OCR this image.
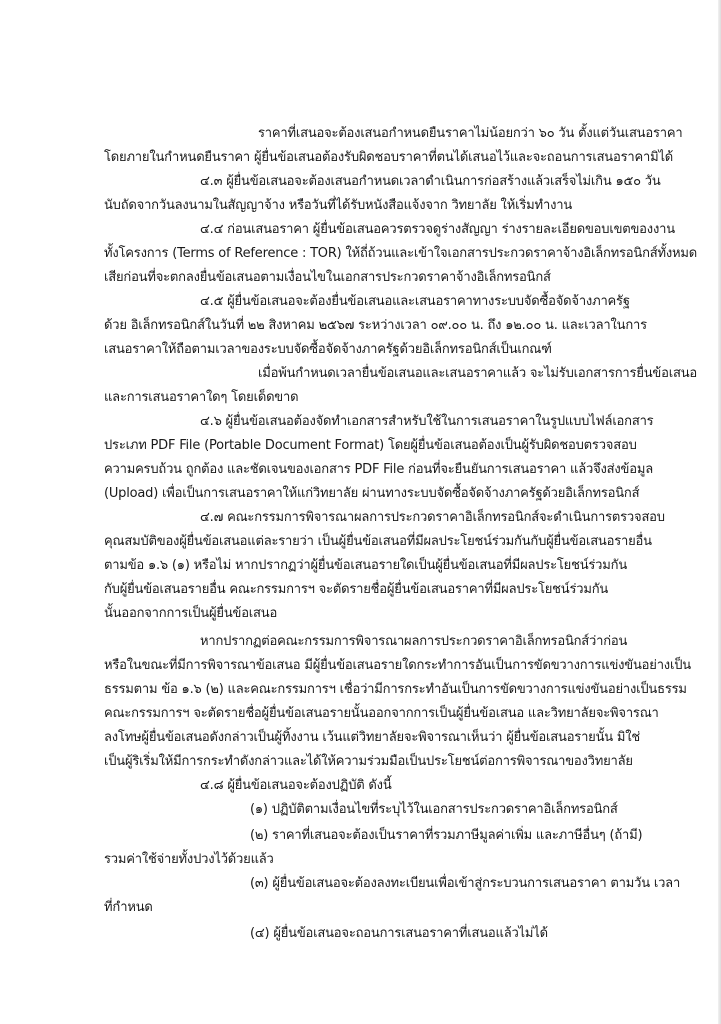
ราคาที่เสนอจะต้องเสนอกำหนดยืนราคาไม่น้อยกว่า ๖๐ วัน ตั้งแต่วันเสนอราคา
โดยภายในกำหนดยืนราคา ผู้ยื่นข้อเสนอต้องรับผิดชอบราคาที่ตนได้เสนอไว้และจะถอนการเสนอราคามิได้
๔.๓ ผู้ยื่นข้อเสนอจะต้องเสนอกำหนดเวลาดำเนินการก่อสร้างแล้วเสร็จไม่เกิน ๑๕๐ วัน
นับถัดจากวันลงนามในสัญญาจ้าง หรือวันที่ได้รับหนังสือแจ้งจาก วิทยาลัย ให้เริ่มทำงาน
๔.๔ ก่อนเสนอราคา ผู้ยื่นข้อเสนอควรตรวจดูร่างสัญญา ร่างรายละเอียดขอบเขตของงาน
ทั้งโครงการ (Terms of Reference : TOR) ให้ถี่ถ้วนและเข้าใจเอกสารประกวดราคาจ้างอิเล็กทรอนิกส์ทั้งหมด
เสียก่อนที่จะตกลงยื่นข้อเสนอตามเงื่อนไขในเอกสารประกวดราคาจ้างอิเล็กทรอนิกส์
๔.๕ ผู้ยื่นข้อเสนอจะต้องยื่นข้อเสนอและเสนอราคาทางระบบจัดซื้อจัดจ้างภาครัฐ
ด้วย อิเล็กทรอนิกส์ในวันที่ ๒๒ สิงหาคม ๒๕๖๗ ระหว่างเวลา ๐๙.๐๐ น. ถึง ๑๒.๐๐ น. และเวลาในการ
เสนอราคาให้ถือตามเวลาของระบบจัดซื้อจัดจ้างภาครัฐด้วยอิเล็กทรอนิกส์เป็นเกณฑ์
เมื่อพ้นกำหนดเวลายื่นข้อเสนอและเสนอราคาแล้ว จะไม่รับเอกสารการยื่นข้อเสนอ
และการเสนอราคาใดๆ โดยเด็ดขาด
๔.๖ ผู้ยื่นข้อเสนอต้องจัดทำเอกสารสำหรับใช้ในการเสนอราคาในรูปแบบไฟล์เอกสาร
ประเภท PDF File (Portable Document Format) โดยผู้ยื่นข้อเสนอต้องเป็นผู้รับผิดชอบตรวจสอบ
ความครบถ้วน ถูกต้อง และชัดเจนของเอกสาร PDF File ก่อนที่จะยืนยันการเสนอราคา แล้วจึงส่งข้อมูล
(Upload) เพื่อเป็นการเสนอราคาให้แก่วิทยาลัย ผ่านทางระบบจัดซื้อจัดจ้างภาครัฐด้วยอิเล็กทรอนิกส์
๔.๗ คณะกรรมการพิจารณาผลการประกวดราคาอิเล็กทรอนิกส์จะดำเนินการตรวจสอบ
คุณสมบัติของผู้ยื่นข้อเสนอแต่ละรายว่า เป็นผู้ยื่นข้อเสนอที่มีผลประโยชน์ร่วมกันกับผู้ยื่นข้อเสนอรายอื่น
ตามข้อ ๑.๖ (๑) หรือไม่ หากปรากฏว่าผู้ยื่นข้อเสนอรายใดเป็นผู้ยื่นข้อเสนอที่มีผลประโยชน์ร่วมกัน
กับผู้ยื่นข้อเสนอรายอื่น คณะกรรมการฯ จะตัดรายชื่อผู้ยื่นข้อเสนอราคาที่มีผลประโยชน์ร่วมกัน
นั้นออกจากการเป็นผู้ยื่นข้อเสนอ
หากปรากฏต่อคณะกรรมการพิจารณาผลการประกวดราคาอิเล็กทรอนิกส์ว่าก่อน
หรือในขณะที่มีการพิจารณาข้อเสนอ มีผู้ยื่นข้อเสนอรายใดกระทำการอันเป็นการขัดขวางการแข่งขันอย่างเป็น
ธรรมตาม ข้อ ๑.๖ (๒) และคณะกรรมการฯ เชื่อว่ามีการกระทำอันเป็นการขัดขวางการแข่งขันอย่างเป็นธรรม
คณะกรรมการฯ จะตัดรายชื่อผู้ยื่นข้อเสนอรายนั้นออกจากการเป็นผู้ยื่นข้อเสนอ และวิทยาลัยจะพิจารณา
ลงโทษผู้ยื่นข้อเสนอดังกล่าวเป็นผู้ทิ้งงาน เว้นแต่วิทยาลัยจะพิจารณาเห็นว่า ผู้ยื่นข้อเสนอรายนั้น มิใช่
เป็นผู้ริเริ่มให้มีการกระทำดังกล่าวและได้ให้ความร่วมมือเป็นประโยชน์ต่อการพิจารณาของวิทยาลัย
๔.๘ ผู้ยื่นข้อเสนอจะต้องปฏิบัติ ดังนี้
(๑) ปฏิบัติตามเงื่อนไขที่ระบุไว้ในเอกสารประกวดราคาอิเล็กทรอนิกส์
(๒) ราคาที่เสนอจะต้องเป็นราคาที่รวมภาษีมูลค่าเพิ่ม และภาษีอื่นๆ (ถ้ามี)
รวมค่าใช้จ่ายทั้งปวงไว้ด้วยแล้ว
(๓) ผู้ยื่นข้อเสนอจะต้องลงทะเบียนเพื่อเข้าสู่กระบวนการเสนอราคา ตามวัน เวลา
ที่กำหนด
(๔) ผู้ยื่นข้อเสนอจะถอนการเสนอราคาที่เสนอแล้วไม่ได้
